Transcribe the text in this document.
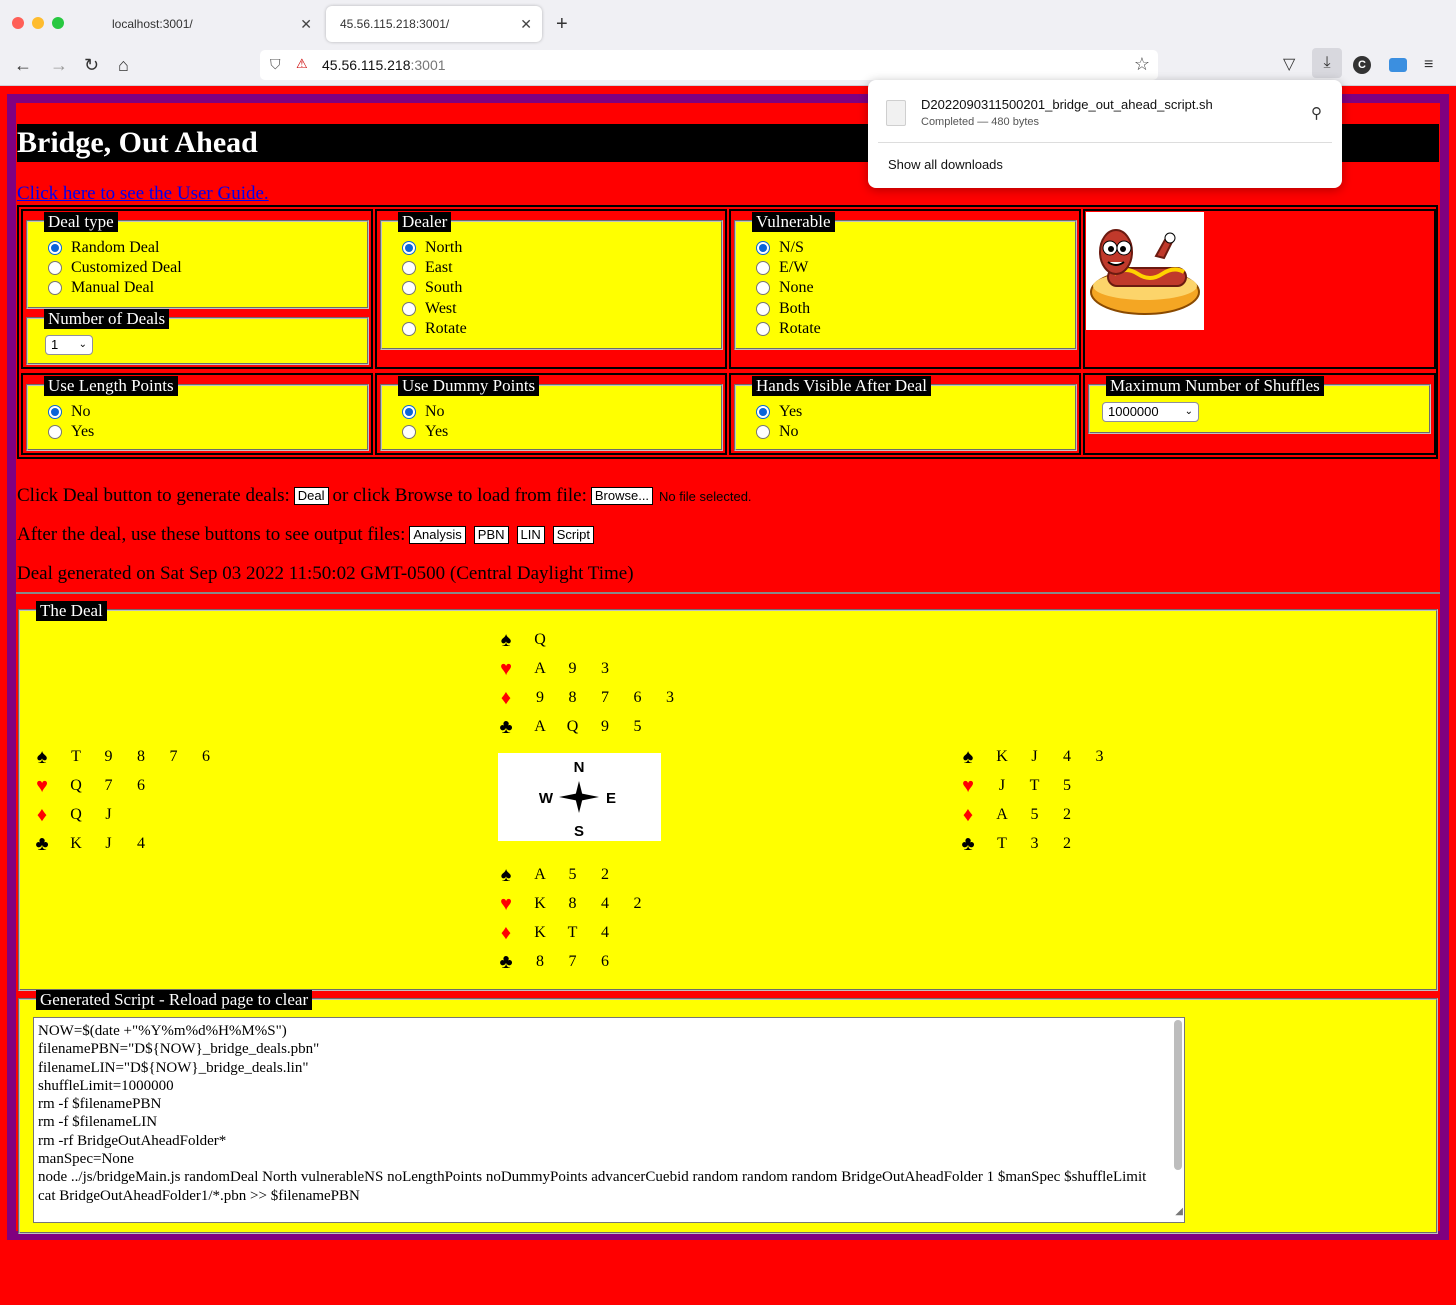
localhost:3001/	✕	45.56.115.218:3001/	✕ +
← → ↻ ⌂	⛉ ⚠ 45.56.115.218:3001	☆	▽	⤓	C	≡
Bridge, Out Ahead
Click here to see the User Guide.
Deal type
Random Deal
Customized Deal
Manual Deal
Number of Deals
1 ⌄
Dealer
North
East
South
West
Rotate
Vulnerable
N/S
E/W
None
Both
Rotate
Use Length Points
No
Yes
Use Dummy Points
No
Yes
Hands Visible After Deal
Yes
No
Maximum Number of Shuffles
1000000	⌄
Click Deal button to generate deals: Deal or click Browse to load from file: Browse... No file selected.
After the deal, use these buttons to see output files: Analysis	PBN	LIN	Script
Deal generated on Sat Sep 03 2022 11:50:02 GMT-0500 (Central Daylight Time)
The Deal
♠ Q
♥ A 9 3
♦ 9 8 7 6 3
♣ A Q 9 5
♠ T 9 8 7 6
♥ Q 7 6
♦ Q	J
♣ K	J	4
♠ K	J	4 3
♥	J	T 5
♦ A 5 2
♣ T 3 2
♠ A 5 2
♥ K 8 4 2
♦ K T 4
♣ 8 7 6
N
S
E
W
Generated Script - Reload page to clear
NOW=$(date +"%Y%m%d%H%M%S")
filenamePBN="D${NOW}_bridge_deals.pbn"
filenameLIN="D${NOW}_bridge_deals.lin"
shuffleLimit=1000000
rm -f $filenamePBN
rm -f $filenameLIN
rm -rf BridgeOutAheadFolder*
manSpec=None
node ../js/bridgeMain.js randomDeal North vulnerableNS noLengthPoints noDummyPoints advancerCuebid random random random BridgeOutAheadFolder 1 $manSpec $shuffleLimit
cat BridgeOutAheadFolder1/*.pbn >> $filenamePBN
◢
D2022090311500201_bridge_out_ahead_script.sh
Completed — 480 bytes	⚲
Show all downloads
